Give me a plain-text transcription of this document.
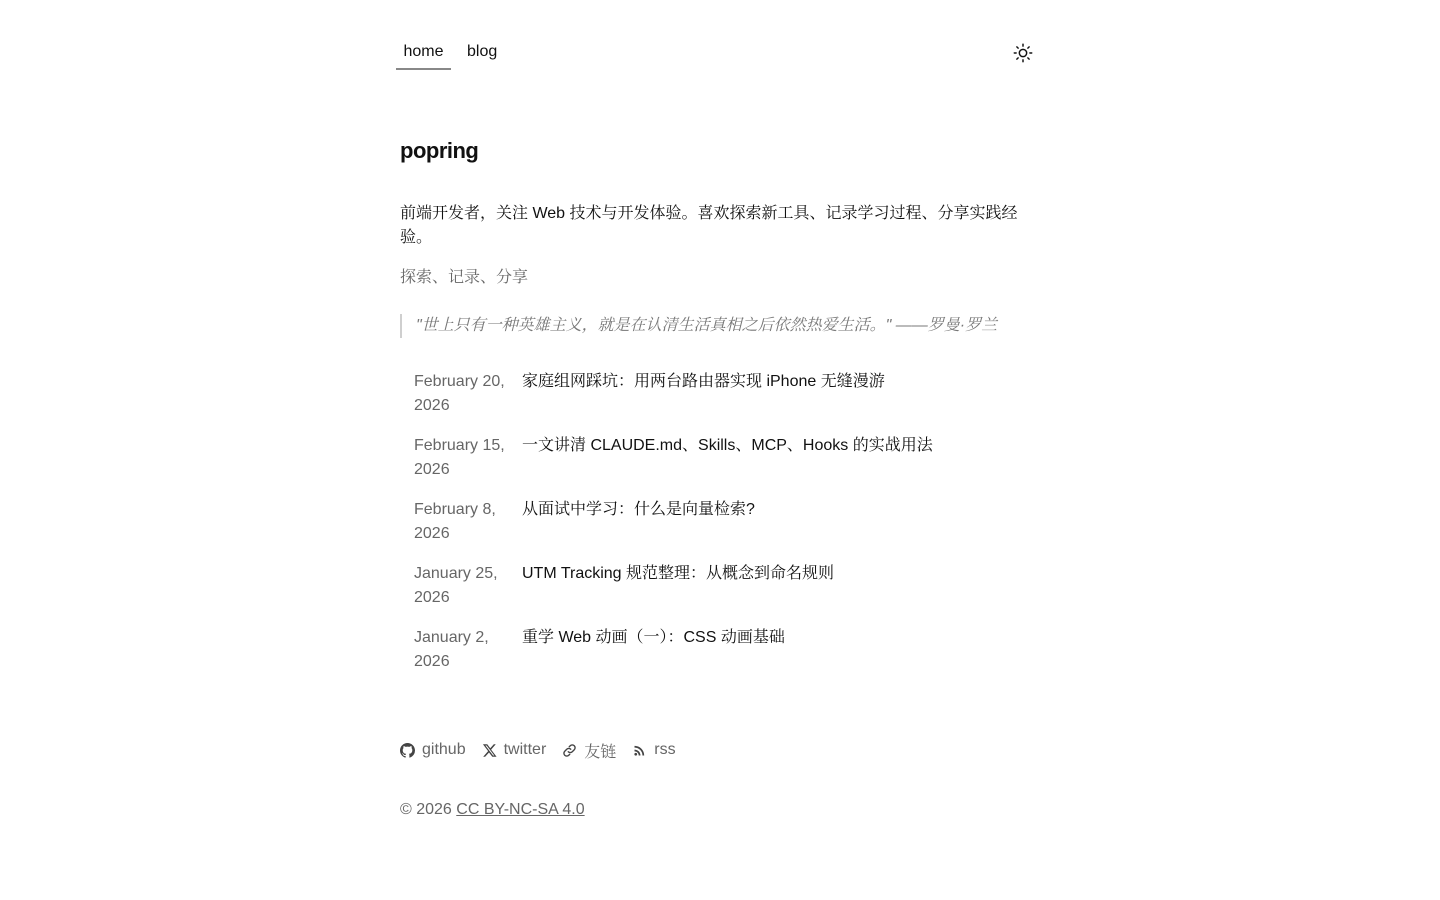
home	blog
popring

前端开发者，关注 Web 技术与开发体验。喜欢探索新工具、记录学习过程、分享实践经验。

探索、记录、分享

"世上只有一种英雄主义，就是在认清生活真相之后依然热爱生活。" ——罗曼·罗兰
February 20, 2026
家庭组网踩坑：用两台路由器实现 iPhone 无缝漫游
February 15, 2026
一文讲清 CLAUDE.md、Skills、MCP、Hooks 的实战用法
February 8, 2026
从面试中学习：什么是向量检索?
January 25, 2026
UTM Tracking 规范整理：从概念到命名规则
January 2, 2026
重学 Web 动画（一）：CSS 动画基础
github twitter 友链 rss
© 2026 CC BY-NC-SA 4.0
